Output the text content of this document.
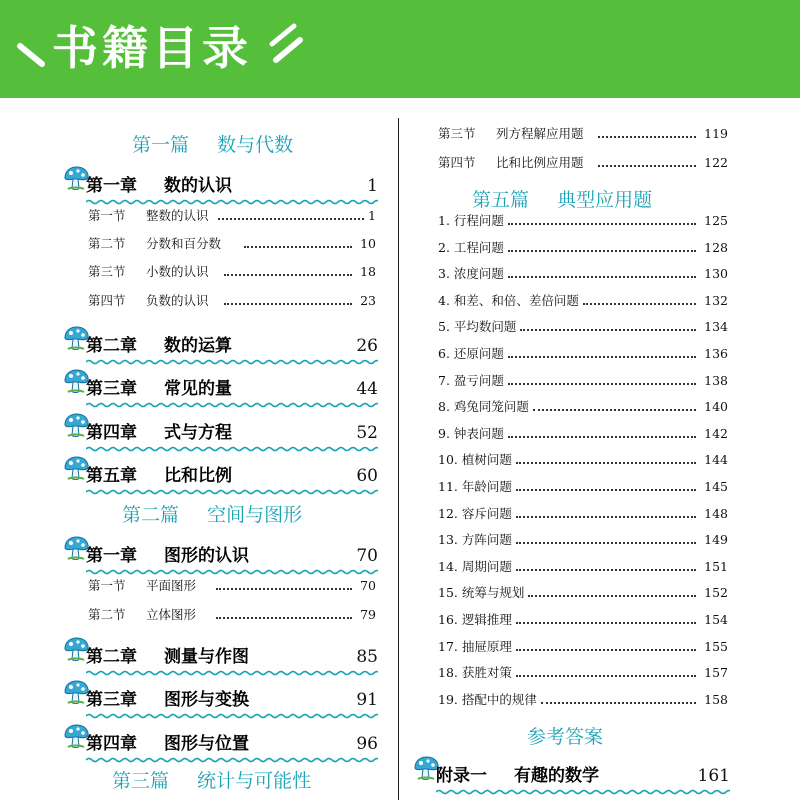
书籍目录
第一篇 数与代数
第一章 数的认识	1
第一节 整数的认识	1
第二节 分数和百分数	10
第三节 小数的认识	18
第四节 负数的认识	23
第二章 数的运算	26
第三章 常见的量	44
第四章 式与方程	52
第五章 比和比例	60
第二篇 空间与图形
第一章 图形的认识	70
第一节 平面图形	70
第二节 立体图形	79
第二章 测量与作图	85
第三章 图形与变换	91
第四章 图形与位置	96
第三篇 统计与可能性
第三节 列方程解应用题	119
第四节 比和比例应用题	122
第五篇 典型应用题
1. 行程问题	125
2. 工程问题	128
3. 浓度问题	130
4. 和差、和倍、差倍问题	132
5. 平均数问题	134
6. 还原问题	136
7. 盈亏问题	138
8. 鸡兔同笼问题	140
9. 钟表问题	142
10. 植树问题	144
11. 年龄问题	145
12. 容斥问题	148
13. 方阵问题	149
14. 周期问题	151
15. 统筹与规划	152
16. 逻辑推理	154
17. 抽屉原理	155
18. 获胜对策	157
19. 搭配中的规律	158
参考答案
附录一 有趣的数学	161
